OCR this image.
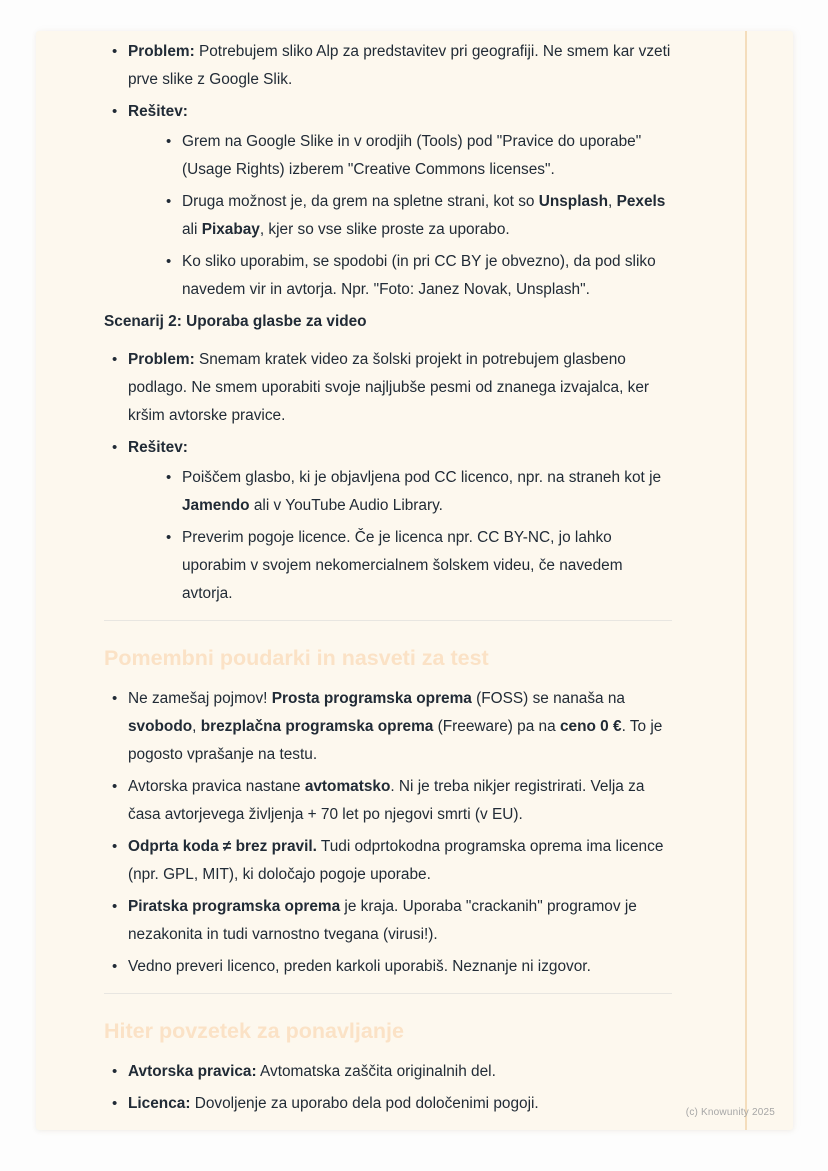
• Problem: Potrebujem sliko Alp za predstavitev pri geografiji. Ne smem kar vzeti prve slike z Google Slik.
• Rešitev:
• Grem na Google Slike in v orodjih (Tools) pod "Pravice do uporabe" (Usage Rights) izberem "Creative Commons licenses".
• Druga možnost je, da grem na spletne strani, kot so Unsplash, Pexels ali Pixabay, kjer so vse slike proste za uporabo.
• Ko sliko uporabim, se spodobi (in pri CC BY je obvezno), da pod sliko navedem vir in avtorja. Npr. "Foto: Janez Novak, Unsplash".
Scenarij 2: Uporaba glasbe za video
• Problem: Snemam kratek video za šolski projekt in potrebujem glasbeno podlago. Ne smem uporabiti svoje najljubše pesmi od znanega izvajalca, ker kršim avtorske pravice.
• Rešitev:
• Poiščem glasbo, ki je objavljena pod CC licenco, npr. na straneh kot je Jamendo ali v YouTube Audio Library.
• Preverim pogoje licence. Če je licenca npr. CC BY-NC, jo lahko uporabim v svojem nekomercialnem šolskem videu, če navedem avtorja.
Pomembni poudarki in nasveti za test
• Ne zamešaj pojmov! Prosta programska oprema (FOSS) se nanaša na svobodo, brezplačna programska oprema (Freeware) pa na ceno 0 €. To je pogosto vprašanje na testu.
• Avtorska pravica nastane avtomatsko. Ni je treba nikjer registrirati. Velja za časa avtorjevega življenja + 70 let po njegovi smrti (v EU).
• Odprta koda ≠ brez pravil. Tudi odprtokodna programska oprema ima licence (npr. GPL, MIT), ki določajo pogoje uporabe.
• Piratska programska oprema je kraja. Uporaba "crackanih" programov je nezakonita in tudi varnostno tvegana (virusi!).
• Vedno preveri licenco, preden karkoli uporabiš. Neznanje ni izgovor.
Hiter povzetek za ponavljanje
• Avtorska pravica: Avtomatska zaščita originalnih del.
• Licenca: Dovoljenje za uporabo dela pod določenimi pogoji.
(c) Knowunity 2025
